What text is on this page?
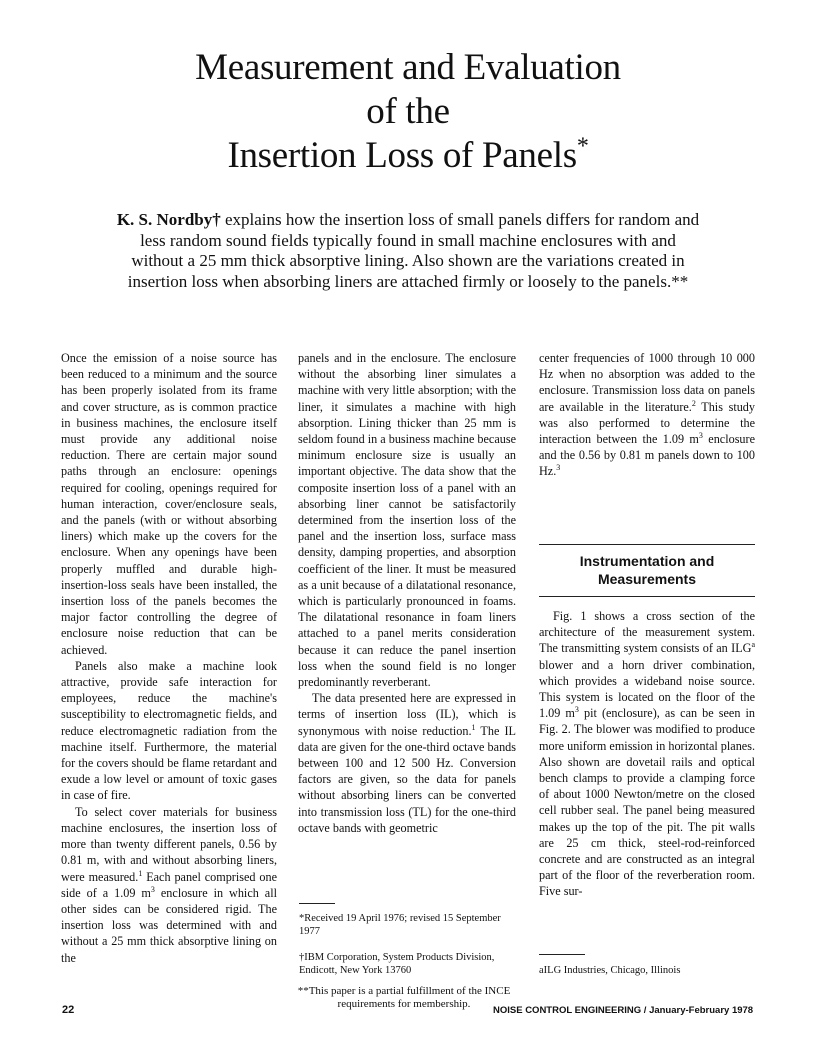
Measurement and Evaluation
of the
Insertion Loss of Panels*

K. S. Nordby† explains how the insertion loss of small panels differs for random and less random sound fields typically found in small machine enclosures with and without a 25 mm thick absorptive lining. Also shown are the variations created in insertion loss when absorbing liners are attached firmly or loosely to the panels.**

Once the emission of a noise source has been reduced to a minimum and the source has been properly isolated from its frame and cover structure, as is common practice in business machines, the enclosure itself must provide any additional noise reduction. There are certain major sound paths through an enclosure: openings required for cooling, openings required for human interaction, cover/enclosure seals, and the panels (with or without absorbing liners) which make up the covers for the enclosure. When any openings have been properly muffled and durable high-insertion-loss seals have been installed, the insertion loss of the panels becomes the major factor controlling the degree of enclosure noise reduction that can be achieved.

Panels also make a machine look attractive, provide safe interaction for employees, reduce the machine's susceptibility to electromagnetic fields, and reduce electromagnetic radiation from the machine itself. Furthermore, the material for the covers should be flame retardant and exude a low level or amount of toxic gases in case of fire.

To select cover materials for business machine enclosures, the insertion loss of more than twenty different panels, 0.56 by 0.81 m, with and without absorbing liners, were measured.$^1$ Each panel comprised one side of a 1.09 $m^3$ enclosure in which all other sides can be considered rigid. The insertion loss was determined with and without a 25 mm thick absorptive lining on the

panels and in the enclosure. The enclosure without the absorbing liner simulates a machine with very little absorption; with the liner, it simulates a machine with high absorption. Lining thicker than 25 mm is seldom found in a business machine because minimum enclosure size is usually an important objective. The data show that the composite insertion loss of a panel with an absorbing liner cannot be satisfactorily determined from the insertion loss of the panel and the insertion loss, surface mass density, damping properties, and absorption coefficient of the liner. It must be measured as a unit because of a dilatational resonance, which is particularly pronounced in foams. The dilatational resonance in foam liners attached to a panel merits consideration because it can reduce the panel insertion loss when the sound field is no longer predominantly reverberant.

The data presented here are expressed in terms of insertion loss (IL), which is synonymous with noise reduction.$^1$ The IL data are given for the one-third octave bands between 100 and 12 500 Hz. Conversion factors are given, so the data for panels without absorbing liners can be converted into transmission loss (TL) for the one-third octave bands with geometric

center frequencies of 1000 through 10 000 Hz when no absorption was added to the enclosure. Transmission loss data on panels are available in the literature.$^2$ This study was also performed to determine the interaction between the 1.09 $m^3$ enclosure and the 0.56 by 0.81 m panels down to 100 Hz.$^3$

Instrumentation and Measurements

Fig. 1 shows a cross section of the architecture of the measurement system. The transmitting system consists of an ILG$^a$ blower and a horn driver combination, which provides a wideband noise source. This system is located on the floor of the 1.09 $m^3$ pit (enclosure), as can be seen in Fig. 2. The blower was modified to produce more uniform emission in horizontal planes. Also shown are dovetail rails and optical bench clamps to provide a clamping force of about 1000 Newton/metre on the closed cell rubber seal. The panel being measured makes up the top of the pit. The pit walls are 25 cm thick, steel-rod-reinforced concrete and are constructed as an integral part of the floor of the reverberation room. Five sur-

*Received 19 April 1976; revised 15 September 1977

†IBM Corporation, System Products Division, Endicott, New York 13760

**This paper is a partial fulfillment of the INCE requirements for membership.

aILG Industries, Chicago, Illinois

22	NOISE CONTROL ENGINEERING / January-February 1978
